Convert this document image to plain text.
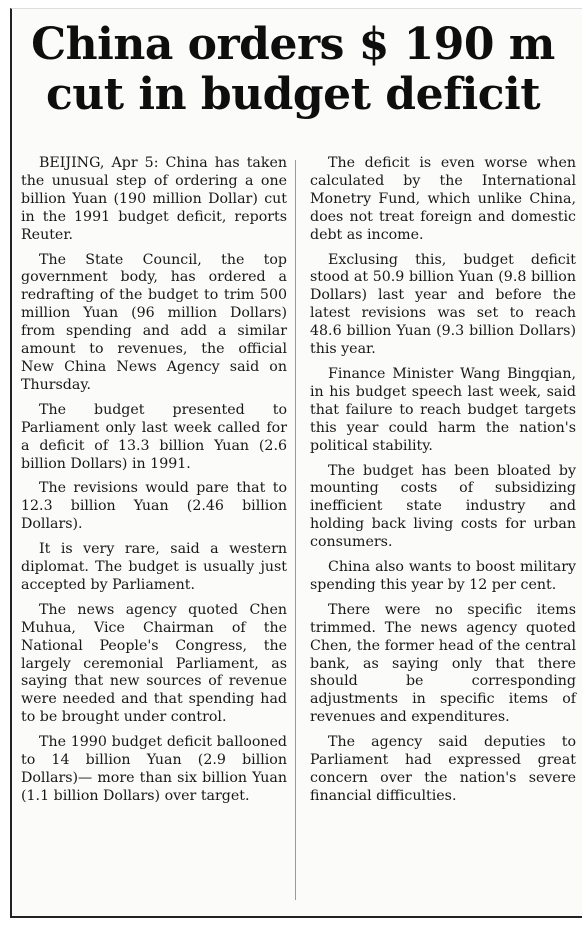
China orders $ 190 m
cut in budget deficit

BEIJING, Apr 5: China has taken the unusual step of ordering a one billion Yuan (190 million Dollar) cut in the 1991 budget deficit, reports Reuter.

The State Council, the top government body, has ordered a redrafting of the budget to trim 500 million Yuan (96 million Dollars) from spending and add a similar amount to revenues, the official New China News Agency said on Thursday.

The budget presented to Parliament only last week called for a deficit of 13.3 billion Yuan (2.6 billion Dollars) in 1991.

The revisions would pare that to 12.3 billion Yuan (2.46 billion Dollars).

It is very rare, said a western diplomat. The budget is usually just accepted by Parliament.

The news agency quoted Chen Muhua, Vice Chairman of the National People's Congress, the largely ceremonial Parliament, as saying that new sources of revenue were needed and that spending had to be brought under control.

The 1990 budget deficit ballooned to 14 billion Yuan (2.9 billion Dollars)— more than six billion Yuan (1.1 billion Dollars) over target.

The deficit is even worse when calculated by the International Monetry Fund, which unlike China, does not treat foreign and domestic debt as income.

Exclusing this, budget deficit stood at 50.9 billion Yuan (9.8 billion Dollars) last year and before the latest revisions was set to reach 48.6 billion Yuan (9.3 billion Dollars) this year.

Finance Minister Wang Bingqian, in his budget speech last week, said that failure to reach budget targets this year could harm the nation's political stability.

The budget has been bloated by mounting costs of subsidizing inefficient state industry and holding back living costs for urban consumers.

China also wants to boost military spending this year by 12 per cent.

There were no specific items trimmed. The news agency quoted Chen, the former head of the central bank, as saying only that there should be corresponding adjustments in specific items of revenues and expenditures.

The agency said deputies to Parliament had expressed great concern over the nation's severe financial difficulties.
